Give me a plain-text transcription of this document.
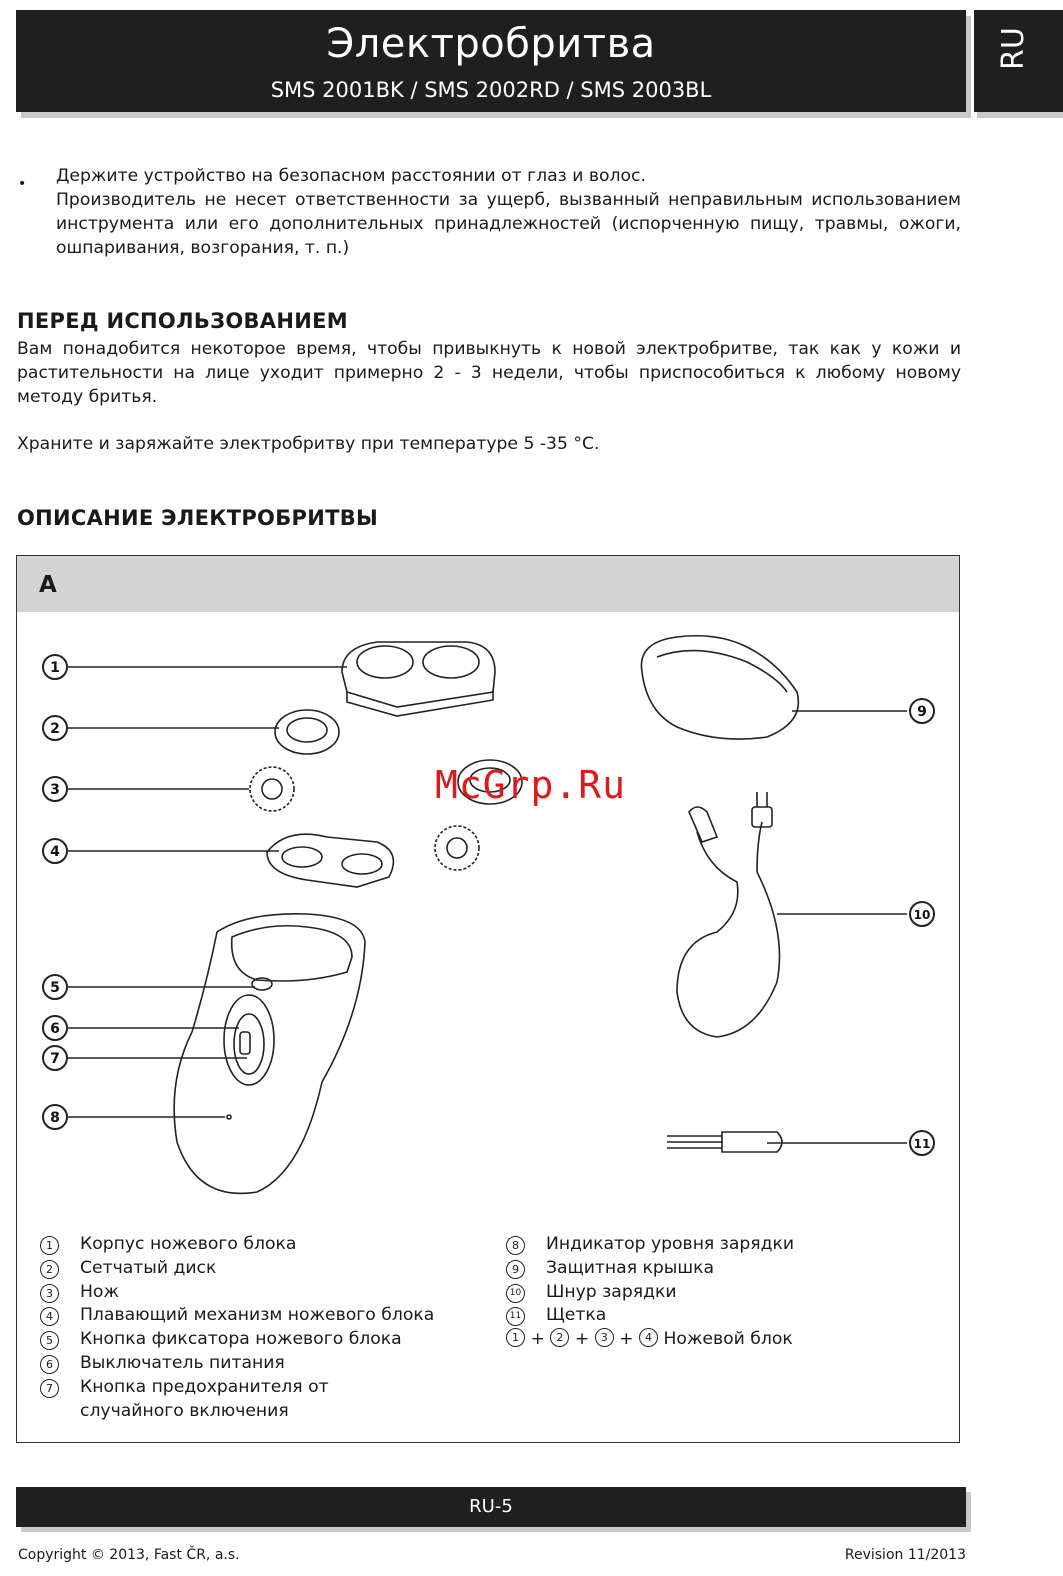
Электробритва
SMS 2001BK / SMS 2002RD / SMS 2003BL
RU
• Держите устройство на безопасном расстоянии от глаз и волос.
Производитель не несет ответственности за ущерб, вызванный неправильным использованием инструмента или его дополнительных принадлежностей (испорченную пищу, травмы, ожоги, ошпаривания, возгорания, т. п.)
ПЕРЕД ИСПОЛЬЗОВАНИЕМ
Вам понадобится некоторое время, чтобы привыкнуть к новой электробритве, так как у кожи и растительности на лице уходит примерно 2 ‑ 3 недели, чтобы приспособиться к любому новому методу бритья.
Храните и заряжайте электробритву при температуре 5 -35 °C.
ОПИСАНИЕ ЭЛЕКТРОБРИТВЫ
A
1
2
3
4
5
6
7
8
9
10
11
1	Корпус ножевого блока
2	Сетчатый диск
3	Нож
4	Плавающий механизм ножевого блока
5	Кнопка фиксатора ножевого блока
6	Выключатель питания
7	Кнопка предохранителя от случайного включения
8	Индикатор уровня зарядки
9	Защитная крышка
10 Шнур зарядки
11 Щетка
1 + 2 + 3 + 4 Ножевой блок
McGrp.Ru
RU-5
Copyright © 2013, Fast ČR, a.s.	Revision 11/2013
